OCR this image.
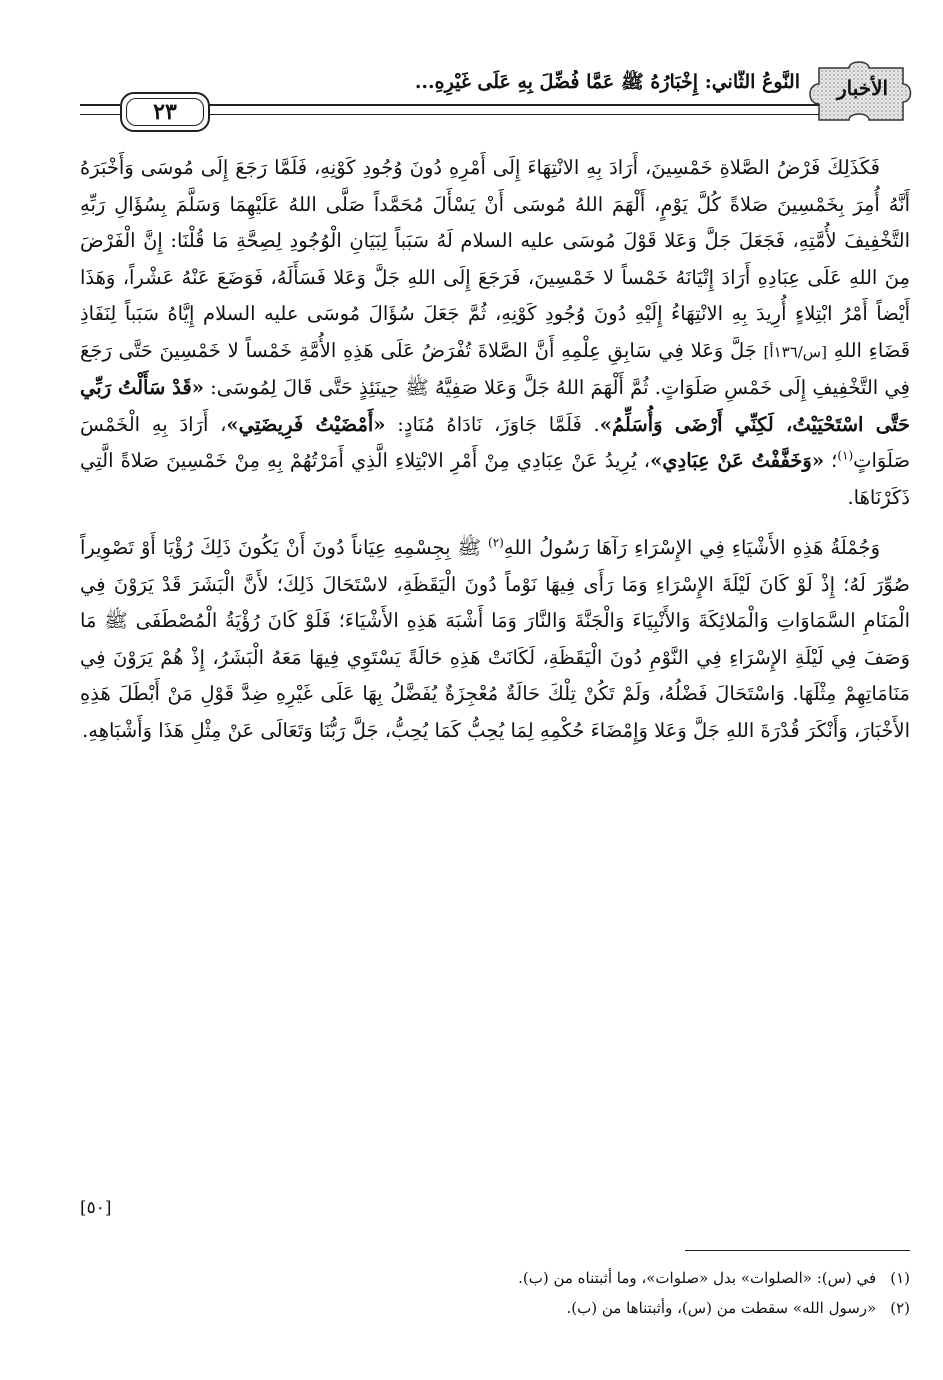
٢٣
النَّوعُ الثَّاني: إِخْبَارُهُ ﷺ عَمَّا فُضِّلَ بِهِ عَلَى غَيْرِهِ...	الأخبار

فَكَذَلِكَ فَرْضُ الصَّلاةِ خَمْسِينَ، أَرَادَ بِهِ الانْتِهَاءَ إِلَى أَمْرِهِ دُونَ وُجُودِ كَوْنِهِ، فَلَمَّا رَجَعَ إِلَى مُوسَى وَأَخْبَرَهُ أَنَّهُ أُمِرَ بِخَمْسِينَ صَلاةً كُلَّ يَوْمٍ، أَلْهَمَ اللهُ مُوسَى أَنْ يَسْأَلَ مُحَمَّداً صَلَّى اللهُ عَلَيْهِمَا وَسَلَّمَ بِسُؤَالِ رَبِّهِ التَّخْفِيفَ لأُمَّتِهِ، فَجَعَلَ جَلَّ وَعَلا قَوْلَ مُوسَى عليه السلام لَهُ سَبَباً لِبَيَانِ الْوُجُودِ لِصِحَّةِ مَا قُلْنَا: إِنَّ الْفَرْضَ مِنَ اللهِ عَلَى عِبَادِهِ أَرَادَ إِتْيَانَهُ خَمْساً لا خَمْسِينَ، فَرَجَعَ إِلَى اللهِ جَلَّ وَعَلا فَسَأَلَهُ، فَوَضَعَ عَنْهُ عَشْراً، وَهَذَا أَيْضاً أَمْرُ ابْتِلاءٍ أُرِيدَ بِهِ الانْتِهَاءُ إِلَيْهِ دُونَ وُجُودِ كَوْنِهِ، ثُمَّ جَعَلَ سُؤَالَ مُوسَى عليه السلام إِيَّاهُ سَبَباً لِنَفَاذِ قَضَاءِ اللهِ [س/١٣٦أ] جَلَّ وَعَلا فِي سَابِقِ عِلْمِهِ أَنَّ الصَّلاةَ تُفْرَضُ عَلَى هَذِهِ الأُمَّةِ خَمْساً لا خَمْسِينَ حَتَّى رَجَعَ فِي التَّخْفِيفِ إِلَى خَمْسِ صَلَوَاتٍ. ثُمَّ أَلْهَمَ اللهُ جَلَّ وَعَلا صَفِيَّهُ ﷺ حِينَئِذٍ حَتَّى قَالَ لِمُوسَى: «قَدْ سَأَلْتُ رَبِّي حَتَّى اسْتَحْيَيْتُ، لَكِنِّي أَرْضَى وَأُسَلِّمُ». فَلَمَّا جَاوَزَ، نَادَاهُ مُنَادٍ: «أَمْضَيْتُ فَرِيضَتِي»، أَرَادَ بِهِ الْخَمْسَ صَلَوَاتٍ$^{(١)}$؛ «وَخَفَّفْتُ عَنْ عِبَادِي»، يُرِيدُ عَنْ عِبَادِي مِنْ أَمْرِ الابْتِلاءِ الَّذِي أَمَرْتُهُمْ بِهِ مِنْ خَمْسِينَ صَلاةً الَّتِي ذَكَرْنَاهَا.

وَجُمْلَةُ هَذِهِ الأَشْيَاءِ فِي الإِسْرَاءِ رَآهَا رَسُولُ اللهِ$^{(٢)}$ ﷺ بِجِسْمِهِ عِيَاناً دُونَ أَنْ يَكُونَ ذَلِكَ رُؤْيَا أَوْ تَصْوِيراً صُوِّرَ لَهُ؛ إِذْ لَوْ كَانَ لَيْلَةَ الإِسْرَاءِ وَمَا رَأَى فِيهَا نَوْماً دُونَ الْيَقَظَةِ، لاسْتَحَالَ ذَلِكَ؛ لأَنَّ الْبَشَرَ قَدْ يَرَوْنَ فِي الْمَنَامِ السَّمَاوَاتِ وَالْمَلائِكَةَ وَالأَنْبِيَاءَ وَالْجَنَّةَ وَالنَّارَ وَمَا أَشْبَهَ هَذِهِ الأَشْيَاءَ؛ فَلَوْ كَانَ رُؤْيَةُ الْمُصْطَفَى ﷺ مَا وَصَفَ فِي لَيْلَةِ الإِسْرَاءِ فِي النَّوْمِ دُونَ الْيَقَظَةِ، لَكَانَتْ هَذِهِ حَالَةً يَسْتَوِي فِيهَا مَعَهُ الْبَشَرُ، إِذْ هُمْ يَرَوْنَ فِي مَنَامَاتِهِمْ مِثْلَهَا. وَاسْتَحَالَ فَضْلُهُ، وَلَمْ تَكُنْ تِلْكَ حَالَةٌ مُعْجِزَةٌ يُفَضَّلُ بِهَا عَلَى غَيْرِهِ ضِدَّ قَوْلِ مَنْ أَبْطَلَ هَذِهِ الأَخْبَارَ، وَأَنْكَرَ قُدْرَةَ اللهِ جَلَّ وَعَلا وَإِمْضَاءَ حُكْمِهِ لِمَا يُحِبُّ كَمَا يُحِبُّ، جَلَّ رَبُّنَا وَتَعَالَى عَنْ مِثْلِ هَذَا وَأَشْبَاهِهِ.

[٥٠]
(١)في (س): «الصلوات» بدل «صلوات»، وما أثبتناه من (ب).
(٢)«رسول الله» سقطت من (س)، وأثبتناها من (ب).
